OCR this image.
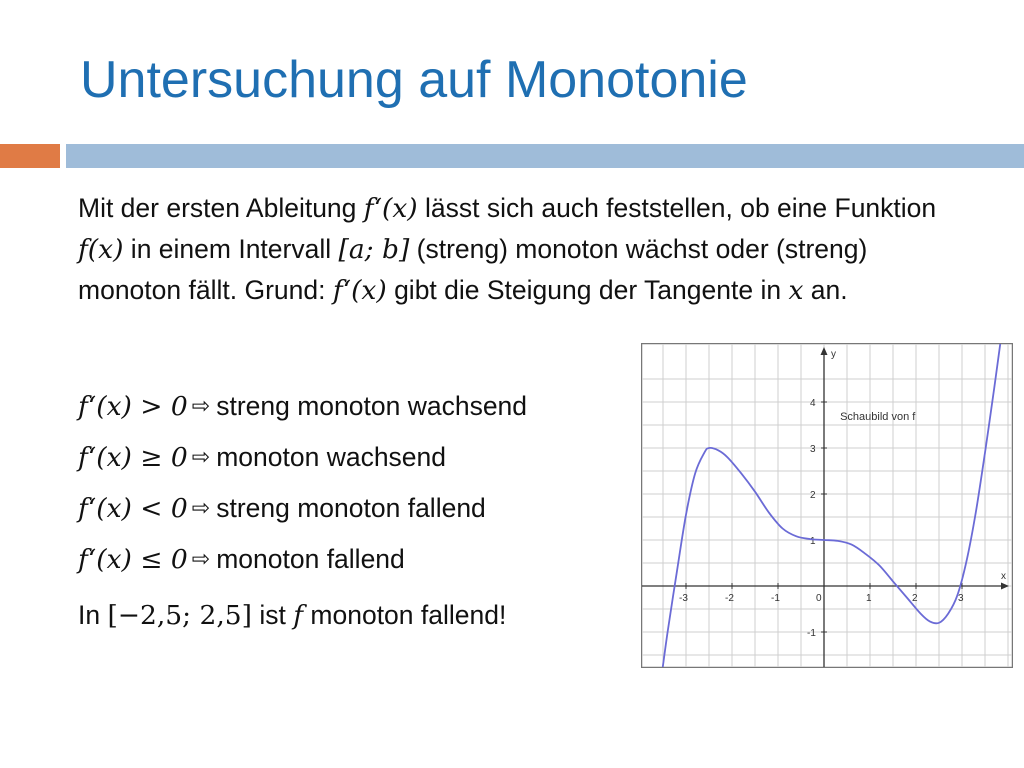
Untersuchung auf Monotonie

Mit der ersten Ableitung f‘(x) lässt sich auch feststellen, ob eine Funktion f(x) in einem Intervall [a; b] (streng) monoton wächst oder (streng) monoton fällt. Grund: f‘(x) gibt die Steigung der Tangente in x an.

f‘(x) > 0 ⇨ streng monoton wachsend
f‘(x) ≥ 0 ⇨ monoton wachsend
f‘(x) < 0 ⇨ streng monoton fallend
f‘(x) ≤ 0 ⇨ monoton fallend
In [−2,5; 2,5] ist f monoton fallend!
x
y
-3	-2	-1	0	1	2	3
-1
1
2
3
4
Schaubild von f
